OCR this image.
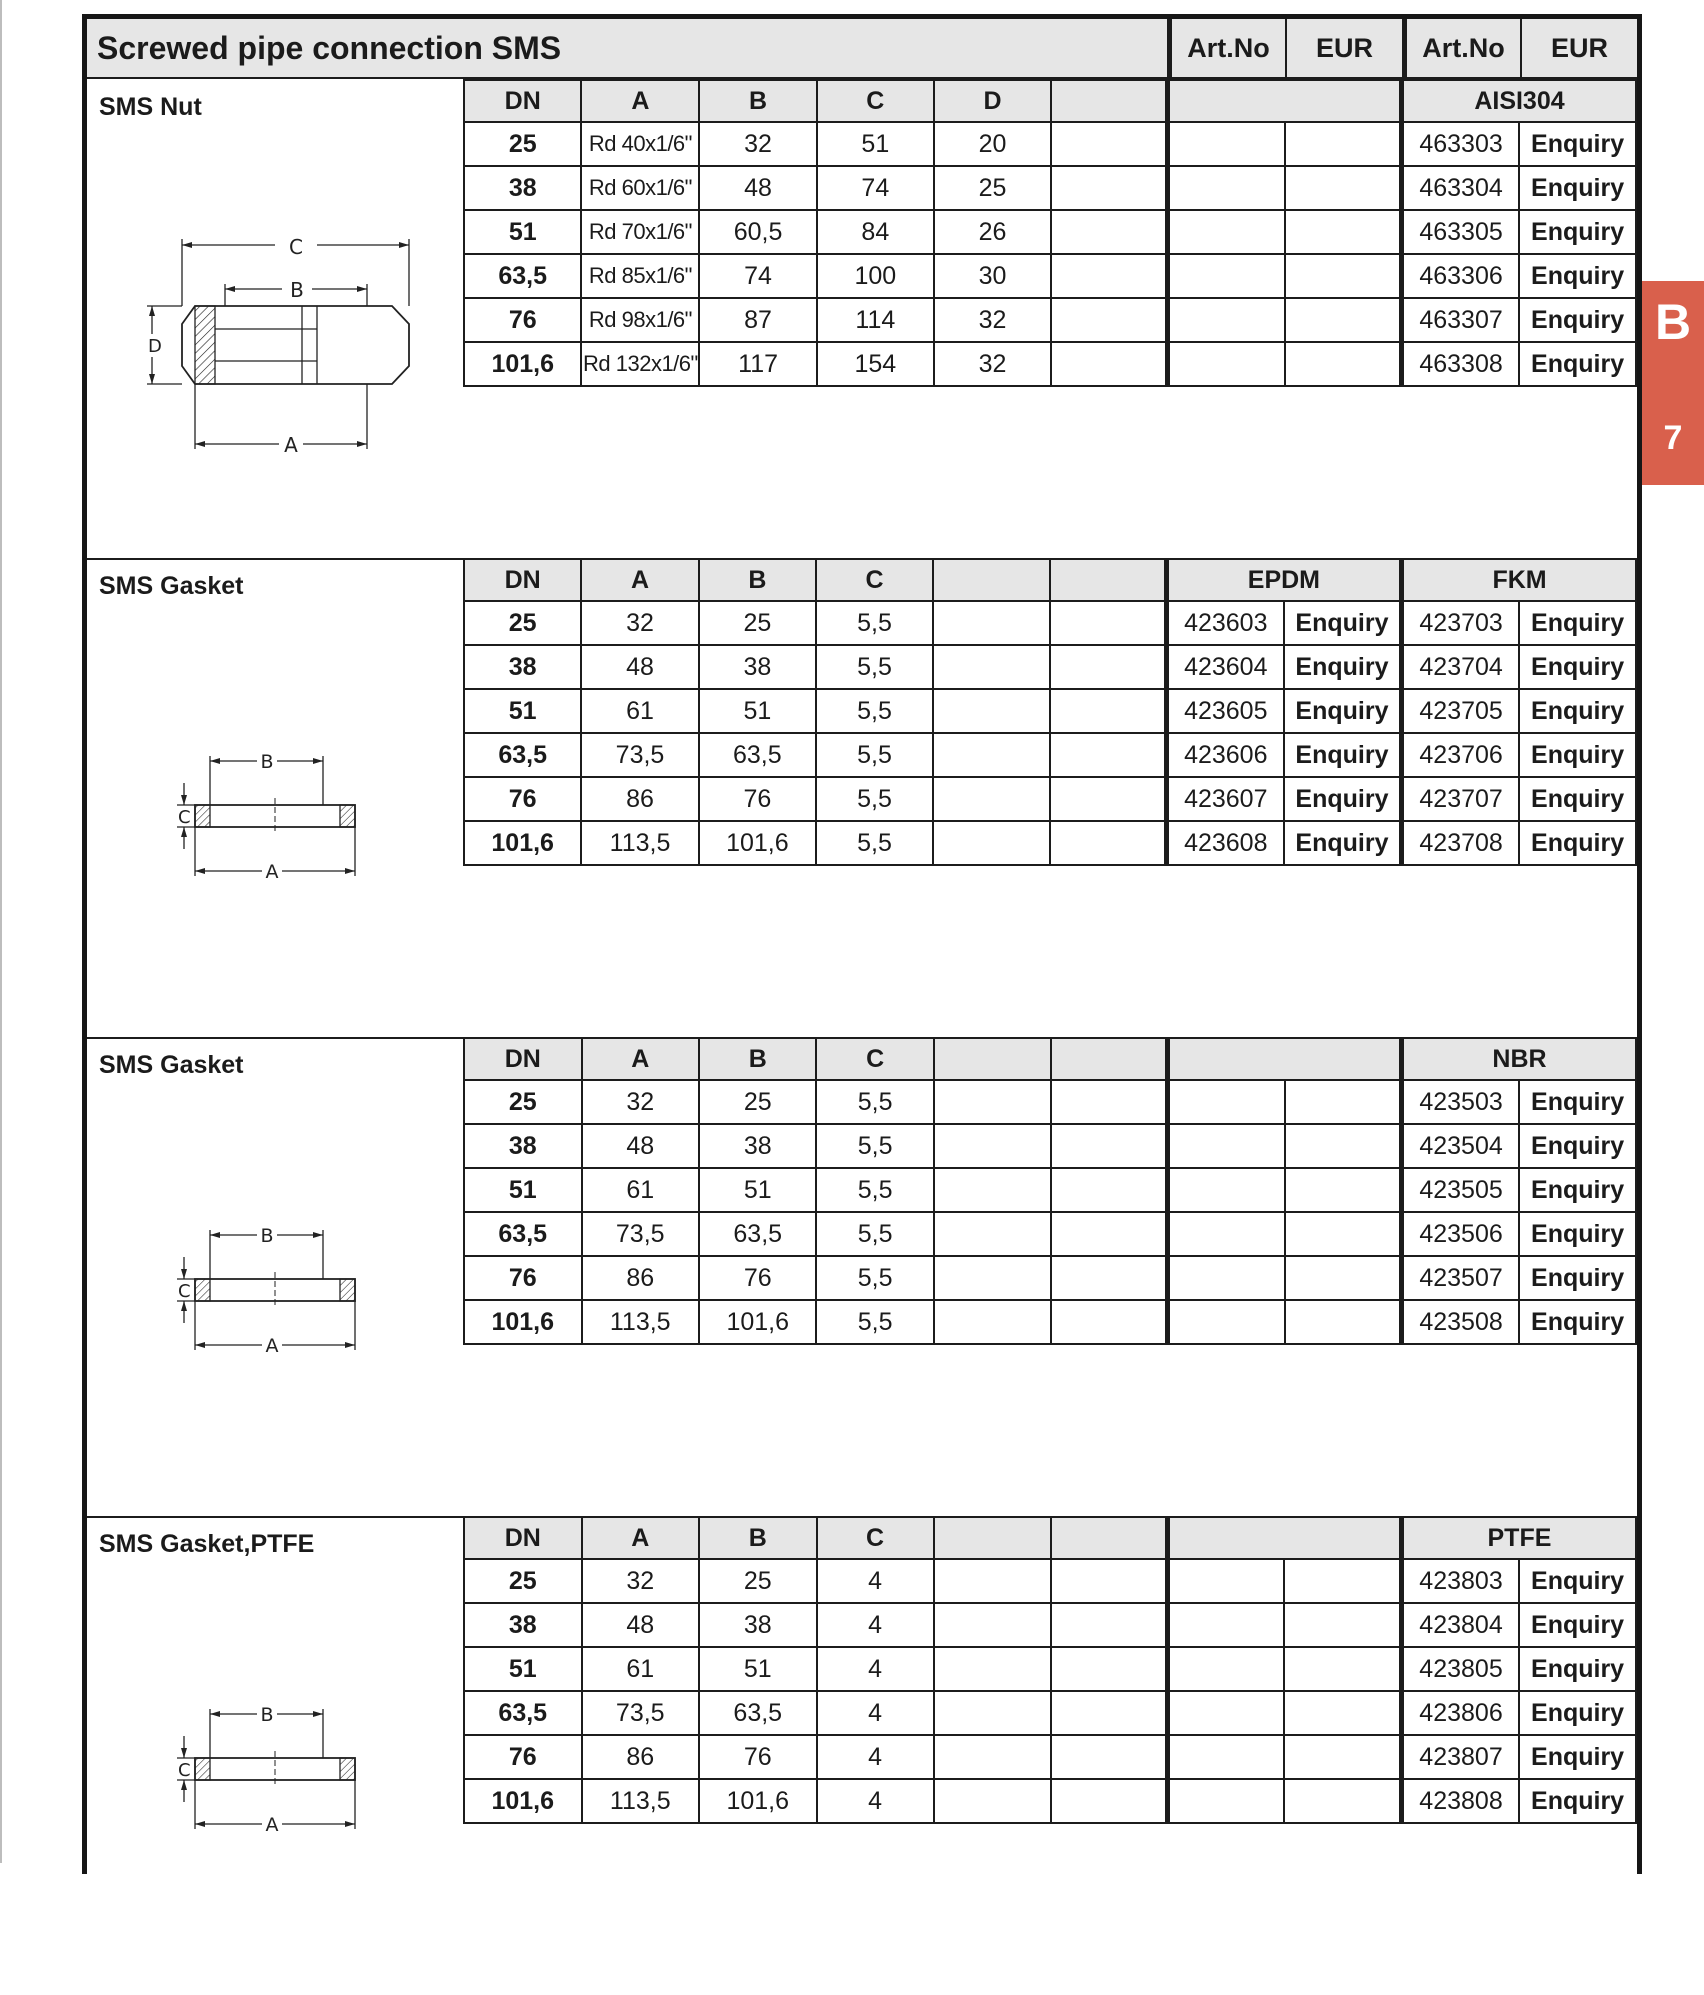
Screwed pipe connection SMS	Art.No	EUR	Art.No	EUR
SMS Nut
C
B
D
A
DN	A	B	C	D				AISI304	
25	Rd 40x1/6"	32	51	20				463303	Enquiry
38	Rd 60x1/6"	48	74	25				463304	Enquiry
51	Rd 70x1/6"	60,5	84	26				463305	Enquiry
63,5	Rd 85x1/6"	74	100	30				463306	Enquiry
76	Rd 98x1/6"	87	114	32				463307	Enquiry
101,6	Rd 132x1/6"	117	154	32				463308	Enquiry
SMS Gasket
B
C
A
DN	A	B	C			EPDM		FKM	
25	32	25	5,5			423603	Enquiry	423703	Enquiry
38	48	38	5,5			423604	Enquiry	423704	Enquiry
51	61	51	5,5			423605	Enquiry	423705	Enquiry
63,5	73,5	63,5	5,5			423606	Enquiry	423706	Enquiry
76	86	76	5,5			423607	Enquiry	423707	Enquiry
101,6	113,5	101,6	5,5			423608	Enquiry	423708	Enquiry
SMS Gasket
B
C
A
DN	A	B	C					NBR	
25	32	25	5,5					423503	Enquiry
38	48	38	5,5					423504	Enquiry
51	61	51	5,5					423505	Enquiry
63,5	73,5	63,5	5,5					423506	Enquiry
76	86	76	5,5					423507	Enquiry
101,6	113,5	101,6	5,5					423508	Enquiry
SMS Gasket,PTFE
B
C
A
DN	A	B	C					PTFE	
25	32	25	4					423803	Enquiry
38	48	38	4					423804	Enquiry
51	61	51	4					423805	Enquiry
63,5	73,5	63,5	4					423806	Enquiry
76	86	76	4					423807	Enquiry
101,6	113,5	101,6	4					423808	Enquiry
B
7
